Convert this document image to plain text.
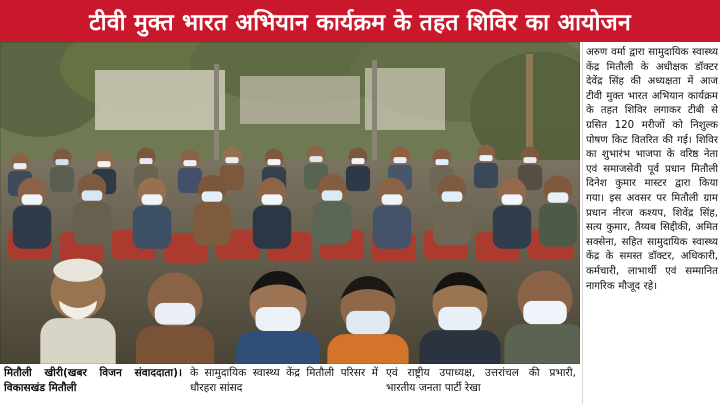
टीवी मुक्त भारत अभियान कार्यक्रम के तहत शिविर का आयोजन

अरुण वर्मा द्वारा सामुदायिक स्वास्थ्य केंद्र मितौली के अधीक्षक डॉक्टर देवेंद्र सिंह की अध्यक्षता में आज टीवी मुक्त भारत अभियान कार्यक्रम के तहत शिविर लगाकर टीबी से ग्रसित 120 मरीजों को निशुल्क पोषण किट वितरित की गई। शिविर का शुभारंभ भाजपा के वरिष्ठ नेता एवं समाजसेवी पूर्व प्रधान मितौली दिनेश कुमार मास्टर द्वारा किया गया। इस अवसर पर मितौली ग्राम प्रधान नीरज कश्यप, शिवेंद्र सिंह, सत्य कुमार, तैय्यब सिद्दीकी, अमित सक्सेना, सहित सामुदायिक स्वास्थ्य केंद्र के समस्त डॉक्टर, अधिकारी, कर्मचारी, लाभार्थी एवं सम्मानित नागरिक मौजूद रहे।

मितौली खीरी(खबर विजन संवाददाता)। विकासखंड मितौली
के सामुदायिक स्वास्थ्य केंद्र मितौली परिसर में धौरहरा सांसद
एवं राष्ट्रीय उपाध्यक्ष, उत्तरांचल की प्रभारी, भारतीय जनता पार्टी रेखा
